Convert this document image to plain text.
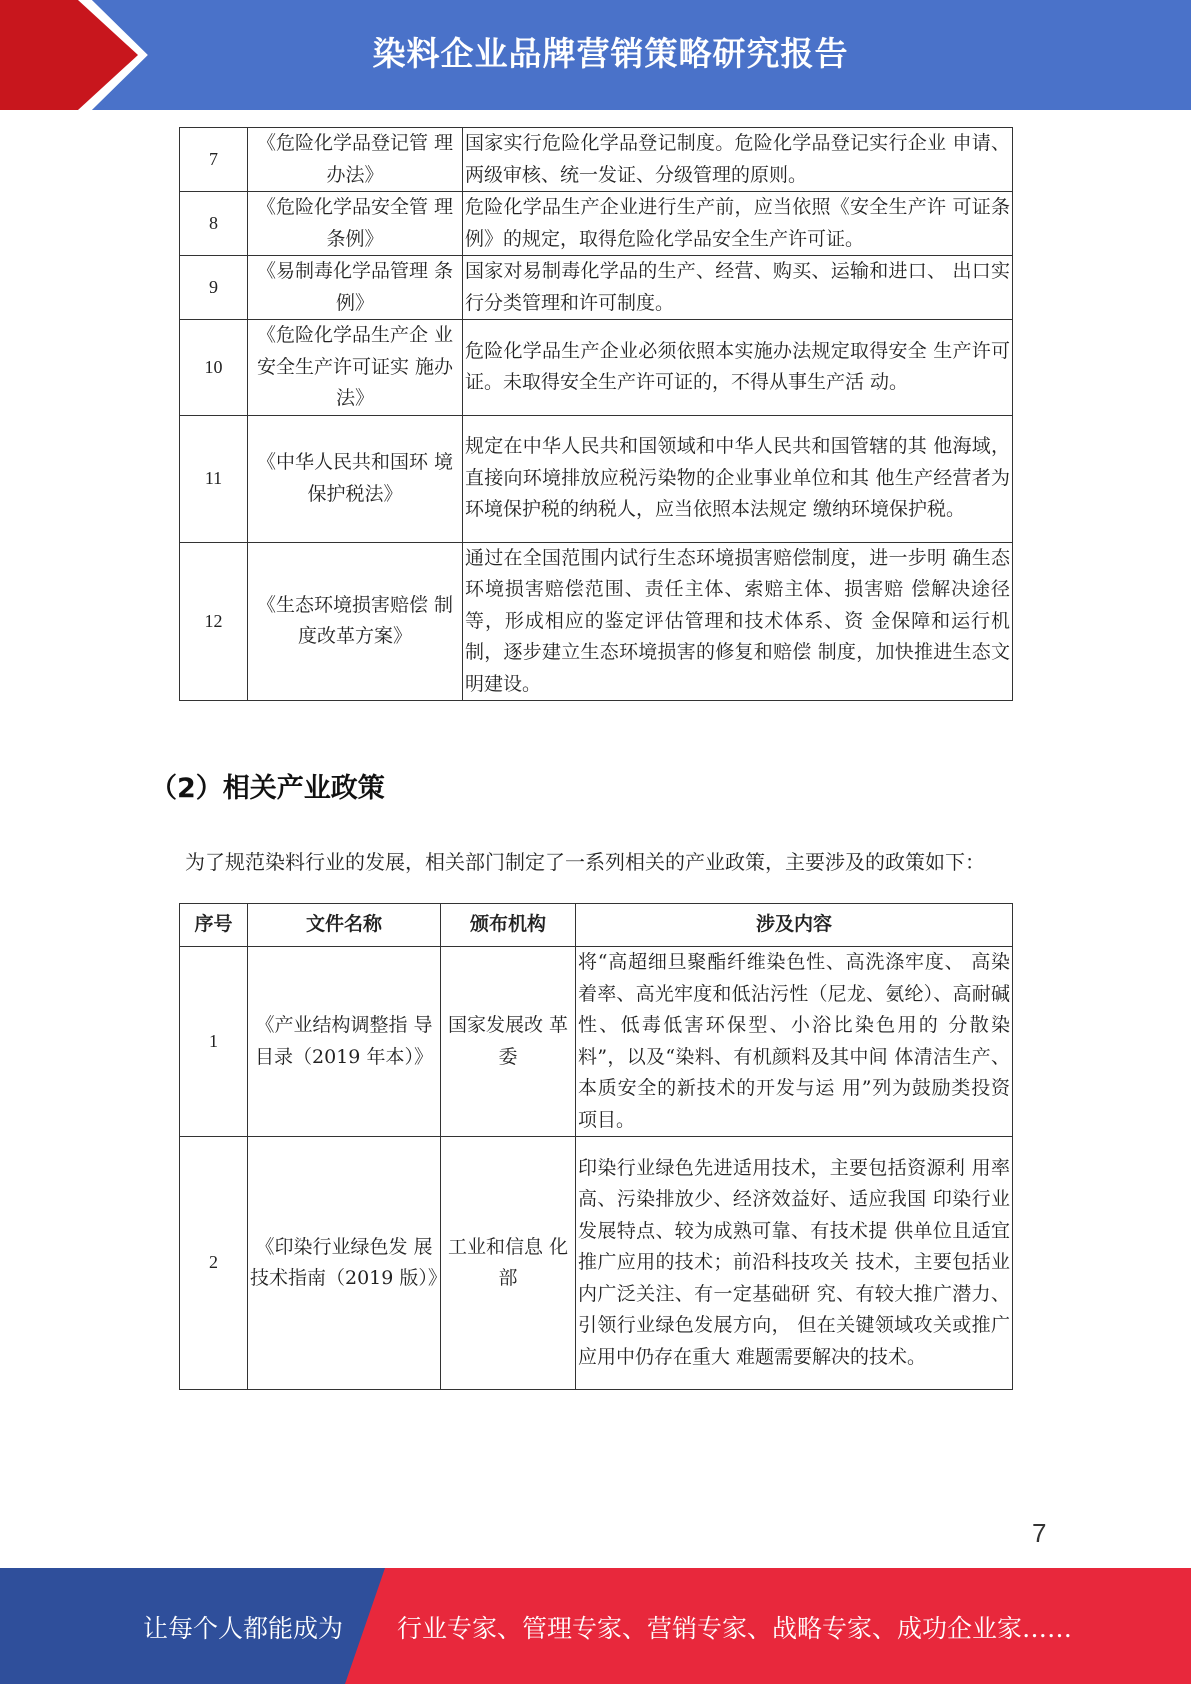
染料企业品牌营销策略研究报告
7	《危险化学品登记管 理办法》	国家实行危险化学品登记制度。危险化学品登记实行企业 申请、两级审核、统一发证、分级管理的原则。
8	《危险化学品安全管 理条例》	危险化学品生产企业进行生产前，应当依照《安全生产许 可证条例》的规定，取得危险化学品安全生产许可证。
9	《易制毒化学品管理 条例》	国家对易制毒化学品的生产、经营、购买、运输和进口、 出口实行分类管理和许可制度。
10	《危险化学品生产企 业安全生产许可证实 施办法》	危险化学品生产企业必须依照本实施办法规定取得安全 生产许可证。未取得安全生产许可证的，不得从事生产活 动。
11	《中华人民共和国环 境保护税法》	规定在中华人民共和国领域和中华人民共和国管辖的其 他海域，直接向环境排放应税污染物的企业事业单位和其 他生产经营者为环境保护税的纳税人，应当依照本法规定 缴纳环境保护税。
12	《生态环境损害赔偿 制度改革方案》	通过在全国范围内试行生态环境损害赔偿制度，进一步明 确生态环境损害赔偿范围、责任主体、索赔主体、损害赔 偿解决途径等，形成相应的鉴定评估管理和技术体系、资 金保障和运行机制，逐步建立生态环境损害的修复和赔偿 制度，加快推进生态文明建设。
（2）相关产业政策
为了规范染料行业的发展，相关部门制定了一系列相关的产业政策，主要涉及的政策如下：
序号	文件名称	颁布机构	涉及内容
1	《产业结构调整指 导目录（2019 年本）》	国家发展改 革委	将“高超细旦聚酯纤维染色性、高洗涤牢度、 高染着率、高光牢度和低沾污性（尼龙、氨纶）、高耐碱性、低毒低害环保型、小浴比染色用的 分散染料”，以及“染料、有机颜料及其中间 体清洁生产、本质安全的新技术的开发与运 用”列为鼓励类投资项目。
2	《印染行业绿色发 展技术指南（2019 版）》	工业和信息 化部	印染行业绿色先进适用技术，主要包括资源利 用率高、污染排放少、经济效益好、适应我国 印染行业发展特点、较为成熟可靠、有技术提 供单位且适宜推广应用的技术；前沿科技攻关 技术，主要包括业内广泛关注、有一定基础研 究、有较大推广潜力、引领行业绿色发展方向， 但在关键领域攻关或推广应用中仍存在重大 难题需要解决的技术。
7
让每个人都能成为 行业专家、管理专家、营销专家、战略专家、成功企业家……
